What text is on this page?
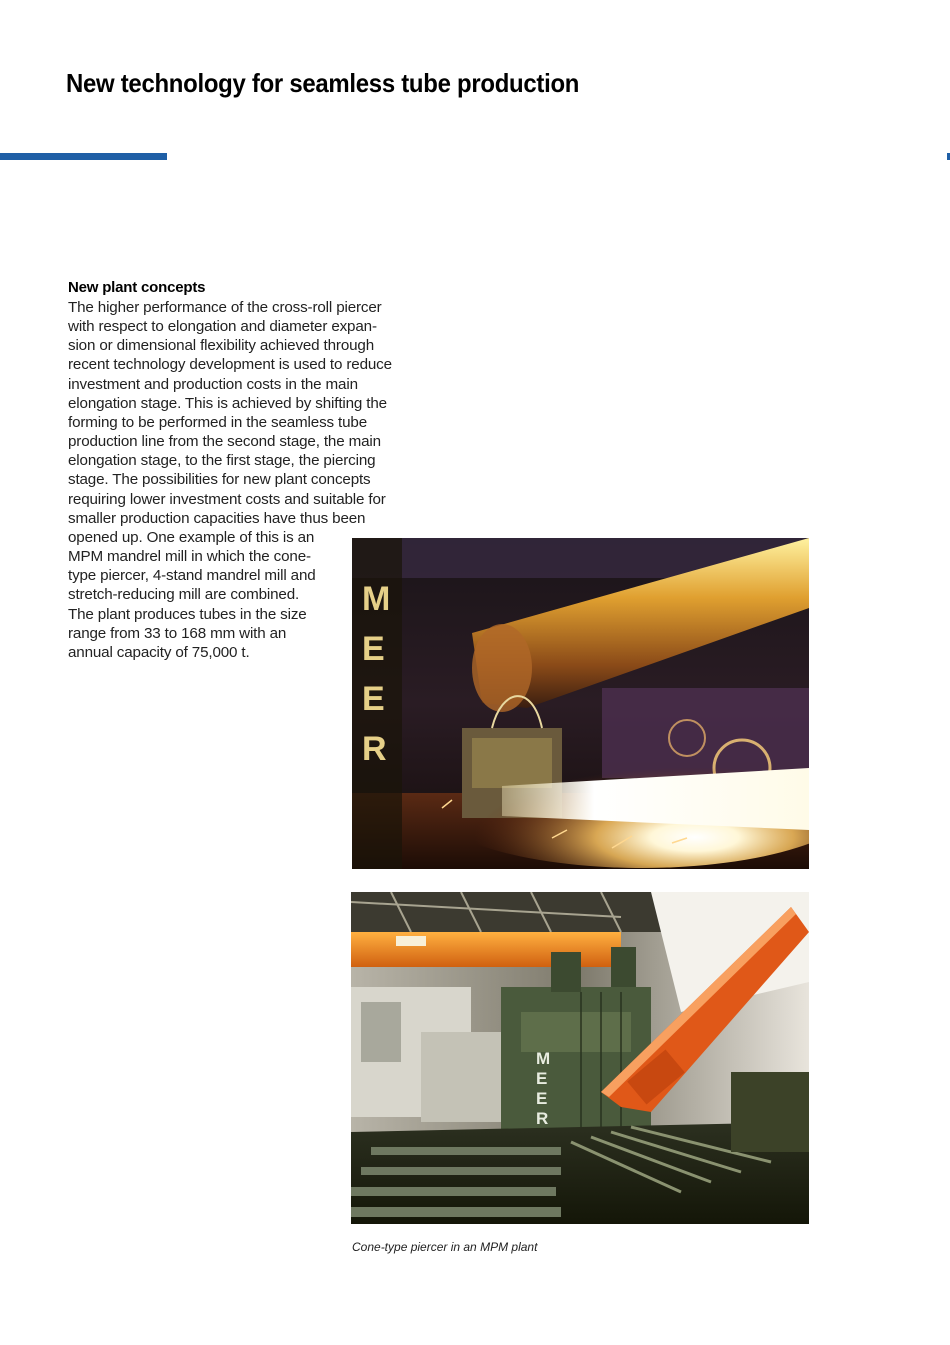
New technology for seamless tube production
New plant concepts

The higher performance of the cross-roll piercer
with respect to elongation and diameter expan-
sion or dimensional flexibility achieved through
recent technology development is used to reduce
investment and production costs in the main
elongation stage. This is achieved by shifting the
forming to be performed in the seamless tube
production line from the second stage, the main
elongation stage, to the first stage, the piercing
stage. The possibilities for new plant concepts
requiring lower investment costs and suitable for
smaller production capacities have thus been
opened up. One example of this is an
MPM mandrel mill in which the cone-
type piercer, 4-stand mandrel mill and
stretch-reducing mill are combined.
The plant produces tubes in the size
range from 33 to 168 mm with an
annual capacity of 75,000 t.

M
E
E
R
M
E
E
R

Cone-type piercer in an MPM plant
